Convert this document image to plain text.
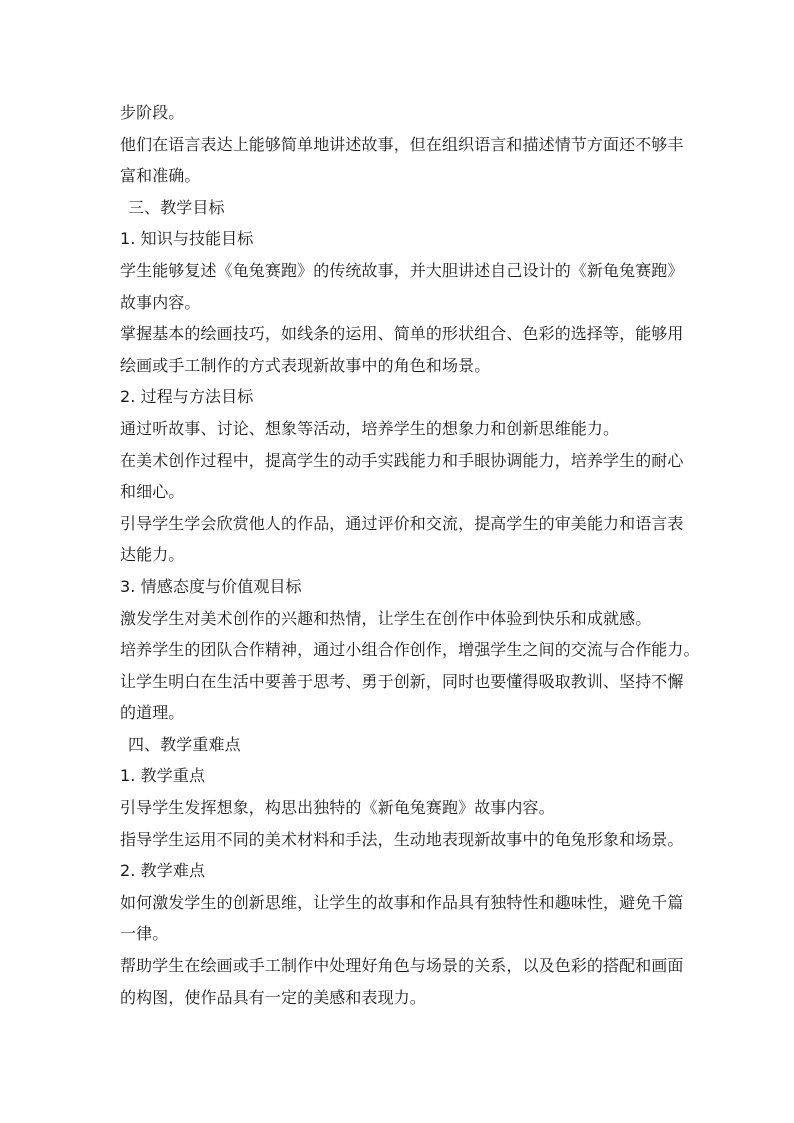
步阶段。
他们在语言表达上能够简单地讲述故事，但在组织语言和描述情节方面还不够丰
富和准确。
三、教学目标
1. 知识与技能目标
学生能够复述《龟兔赛跑》的传统故事，并大胆讲述自己设计的《新龟兔赛跑》
故事内容。
掌握基本的绘画技巧，如线条的运用、简单的形状组合、色彩的选择等，能够用
绘画或手工制作的方式表现新故事中的角色和场景。
2. 过程与方法目标
通过听故事、讨论、想象等活动，培养学生的想象力和创新思维能力。
在美术创作过程中，提高学生的动手实践能力和手眼协调能力，培养学生的耐心
和细心。
引导学生学会欣赏他人的作品，通过评价和交流，提高学生的审美能力和语言表
达能力。
3. 情感态度与价值观目标
激发学生对美术创作的兴趣和热情，让学生在创作中体验到快乐和成就感。
培养学生的团队合作精神，通过小组合作创作，增强学生之间的交流与合作能力。
让学生明白在生活中要善于思考、勇于创新，同时也要懂得吸取教训、坚持不懈
的道理。
四、教学重难点
1. 教学重点
引导学生发挥想象，构思出独特的《新龟兔赛跑》故事内容。
指导学生运用不同的美术材料和手法，生动地表现新故事中的龟兔形象和场景。
2. 教学难点
如何激发学生的创新思维，让学生的故事和作品具有独特性和趣味性，避免千篇
一律。
帮助学生在绘画或手工制作中处理好角色与场景的关系，以及色彩的搭配和画面
的构图，使作品具有一定的美感和表现力。
